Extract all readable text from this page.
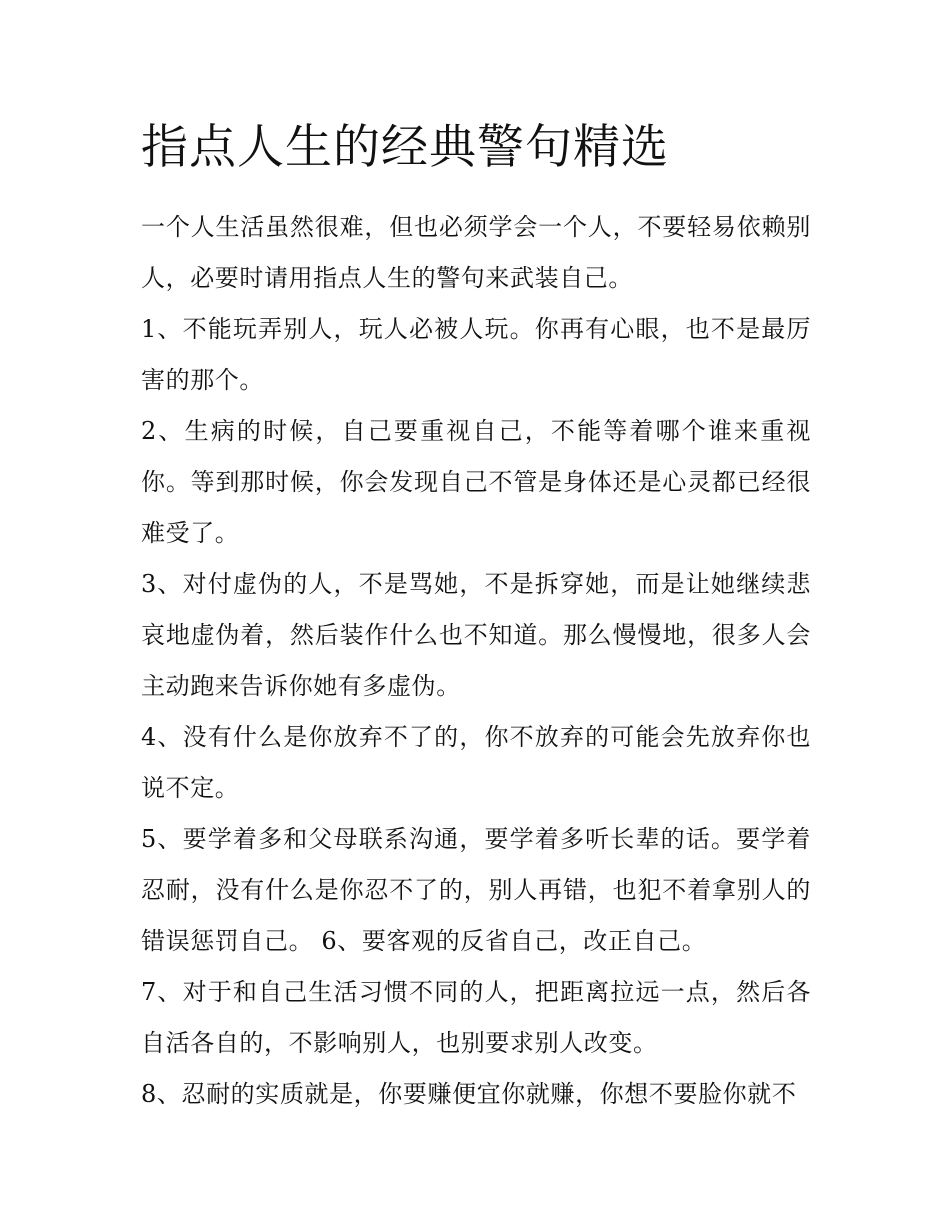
指点人生的经典警句精选

一个人生活虽然很难，但也必须学会一个人，不要轻易依赖别人，必要时请用指点人生的警句来武装自己。

1、不能玩弄别人，玩人必被人玩。你再有心眼，也不是最厉害的那个。

2、生病的时候，自己要重视自己，不能等着哪个谁来重视你。等到那时候，你会发现自己不管是身体还是心灵都已经很难受了。

3、对付虚伪的人，不是骂她，不是拆穿她，而是让她继续悲哀地虚伪着，然后装作什么也不知道。那么慢慢地，很多人会主动跑来告诉你她有多虚伪。

4、没有什么是你放弃不了的，你不放弃的可能会先放弃你也说不定。

5、要学着多和父母联系沟通，要学着多听长辈的话。要学着忍耐，没有什么是你忍不了的，别人再错，也犯不着拿别人的错误惩罚自己。 6、要客观的反省自己，改正自己。

7、对于和自己生活习惯不同的人，把距离拉远一点，然后各自活各自的，不影响别人，也别要求别人改变。

8、忍耐的实质就是，你要赚便宜你就赚，你想不要脸你就不
